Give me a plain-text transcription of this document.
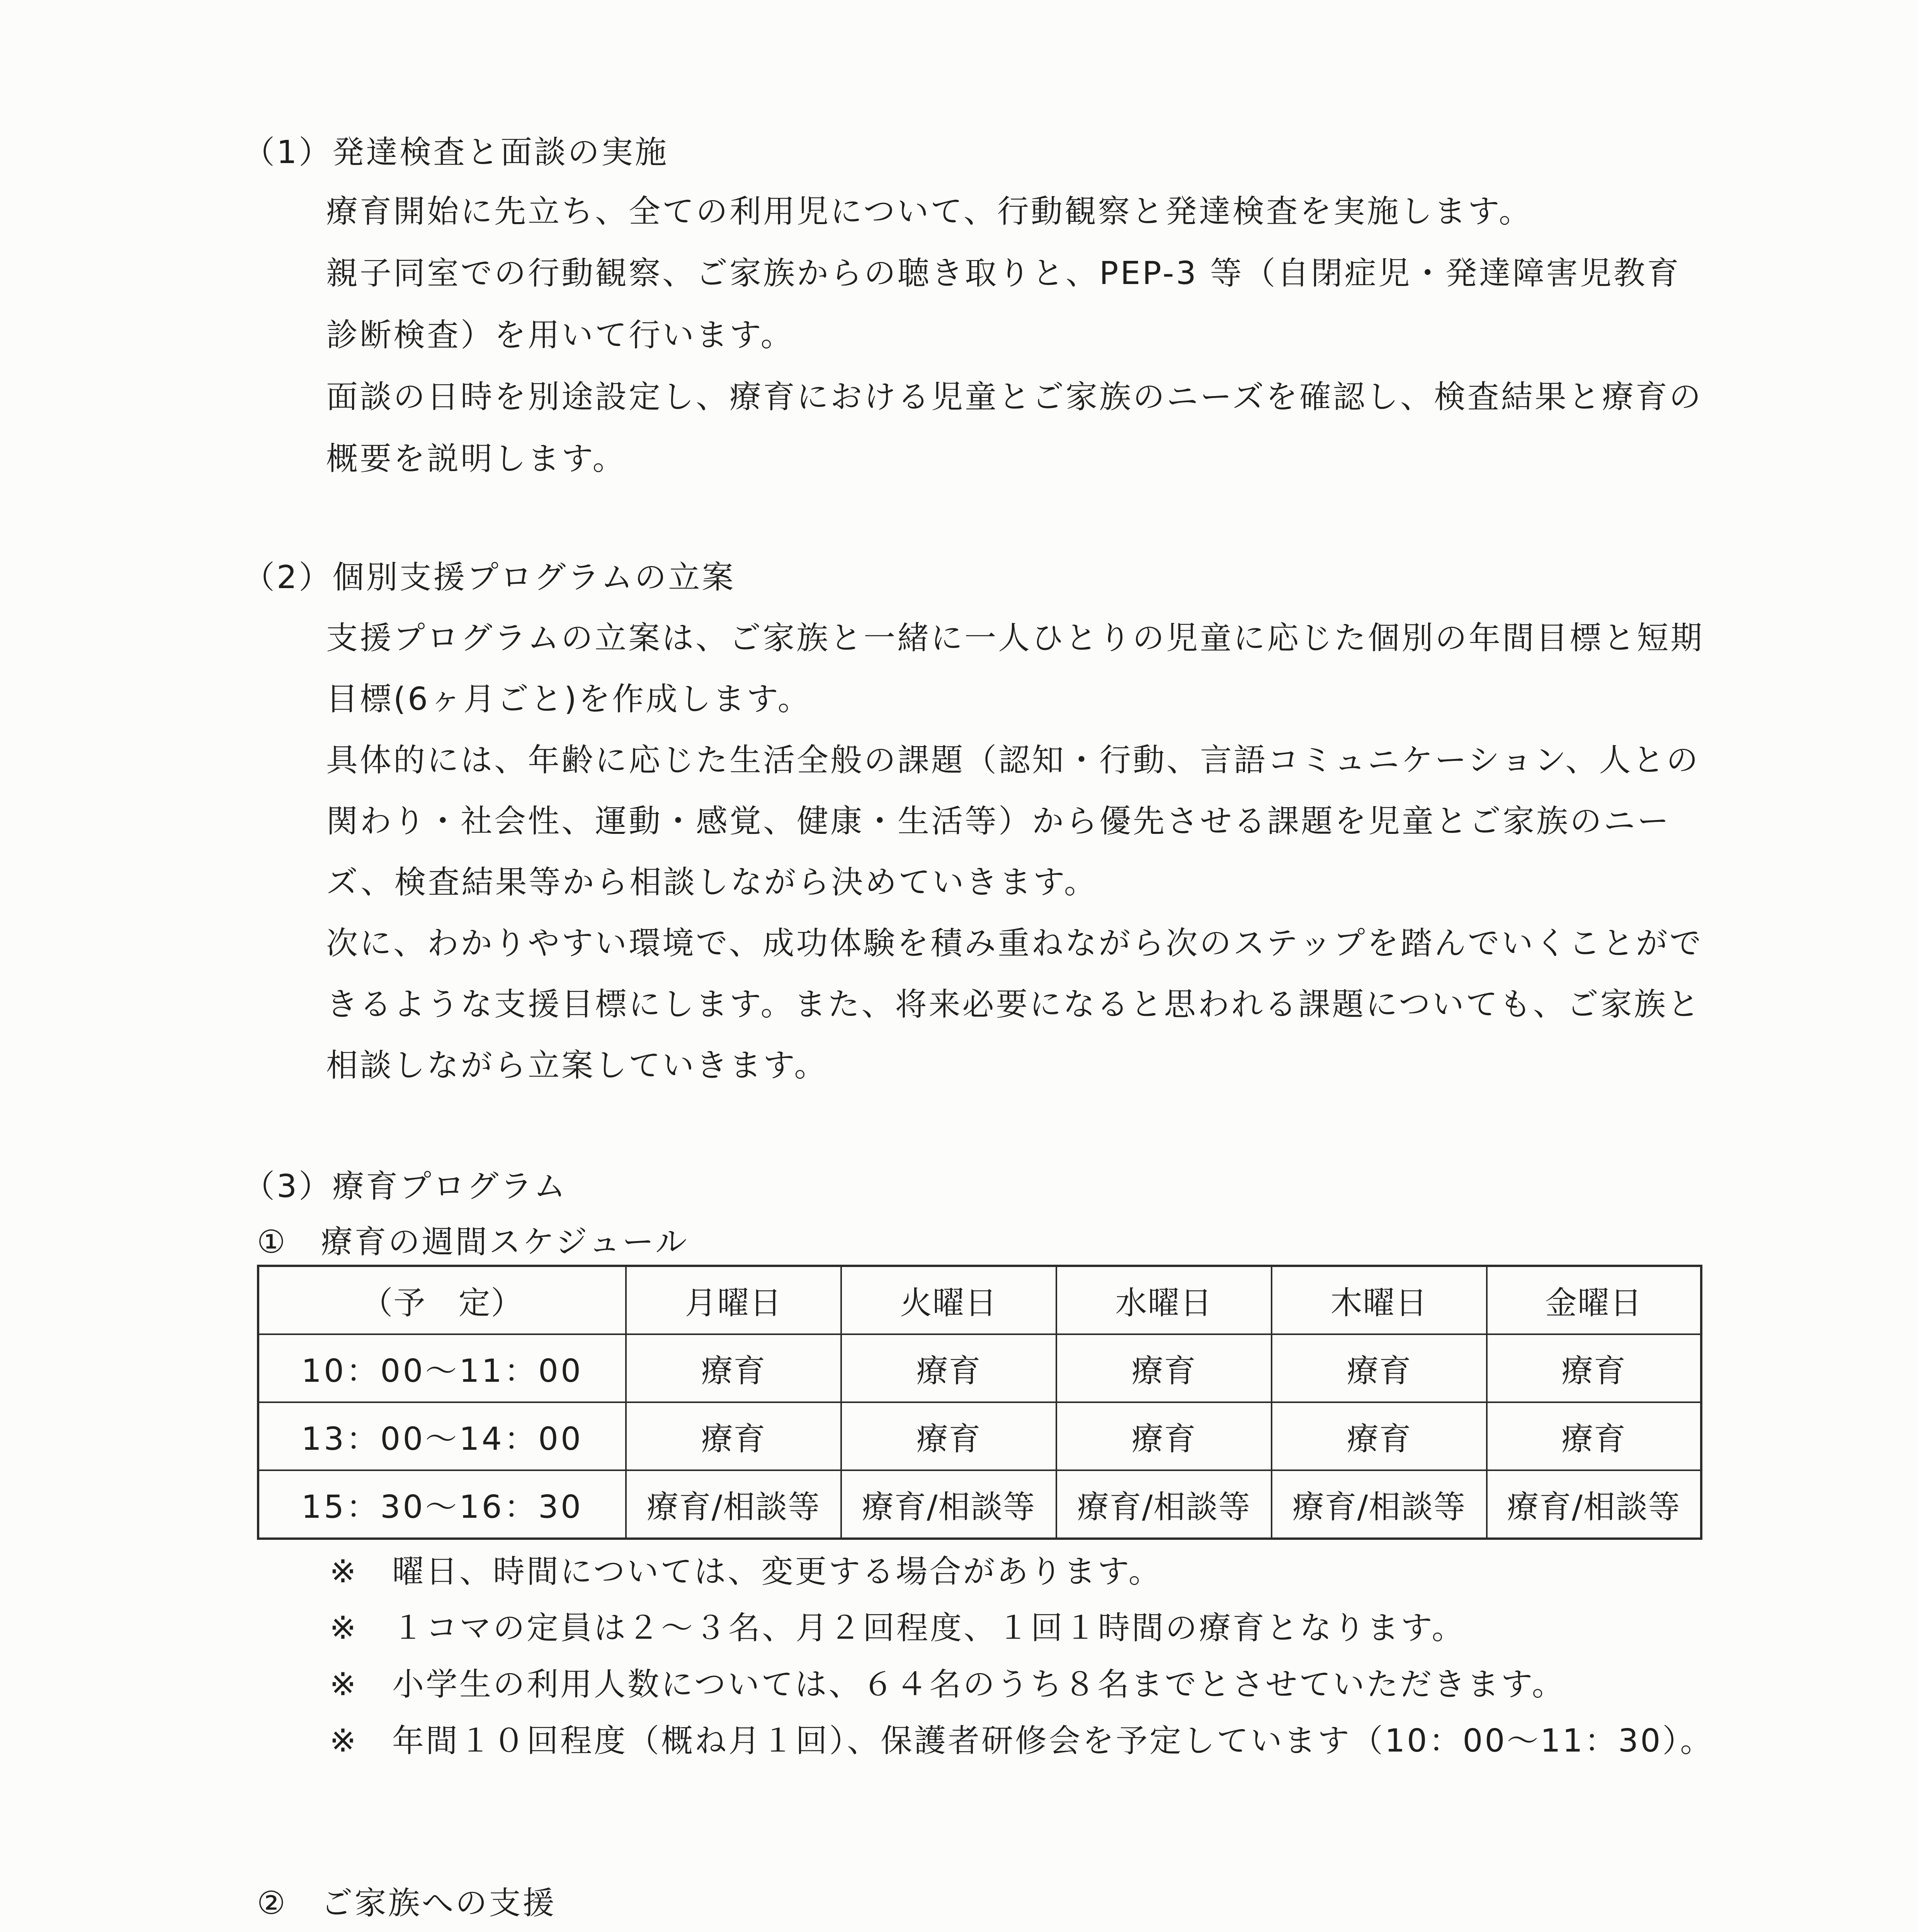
（1）発達検査と面談の実施
療育開始に先立ち、全ての利用児について、行動観察と発達検査を実施します。
親子同室での行動観察、ご家族からの聴き取りと、PEP-3 等（自閉症児・発達障害児教育
診断検査）を用いて行います。
面談の日時を別途設定し、療育における児童とご家族のニーズを確認し、検査結果と療育の
概要を説明します。
（2）個別支援プログラムの立案
支援プログラムの立案は、ご家族と一緒に一人ひとりの児童に応じた個別の年間目標と短期
目標(6ヶ月ごと)を作成します。
具体的には、年齢に応じた生活全般の課題（認知・行動、言語コミュニケーション、人との
関わり・社会性、運動・感覚、健康・生活等）から優先させる課題を児童とご家族のニー
ズ、検査結果等から相談しながら決めていきます。
次に、わかりやすい環境で、成功体験を積み重ねながら次のステップを踏んでいくことがで
きるような支援目標にします。また、将来必要になると思われる課題についても、ご家族と
相談しながら立案していきます。
（3）療育プログラム
①　療育の週間スケジュール
（予　定）	月曜日	火曜日	水曜日	木曜日	金曜日
10：00～11：00	療育	療育	療育	療育	療育
13：00～14：00	療育	療育	療育	療育	療育
15：30～16：30	療育/相談等	療育/相談等	療育/相談等	療育/相談等	療育/相談等
※ 曜日、時間については、変更する場合があります。
※ １コマの定員は２～３名、月２回程度、１回１時間の療育となります。
※ 小学生の利用人数については、６４名のうち８名までとさせていただきます。
※ 年間１０回程度（概ね月１回）、保護者研修会を予定しています（10：00～11：30）。
②　ご家族への支援
